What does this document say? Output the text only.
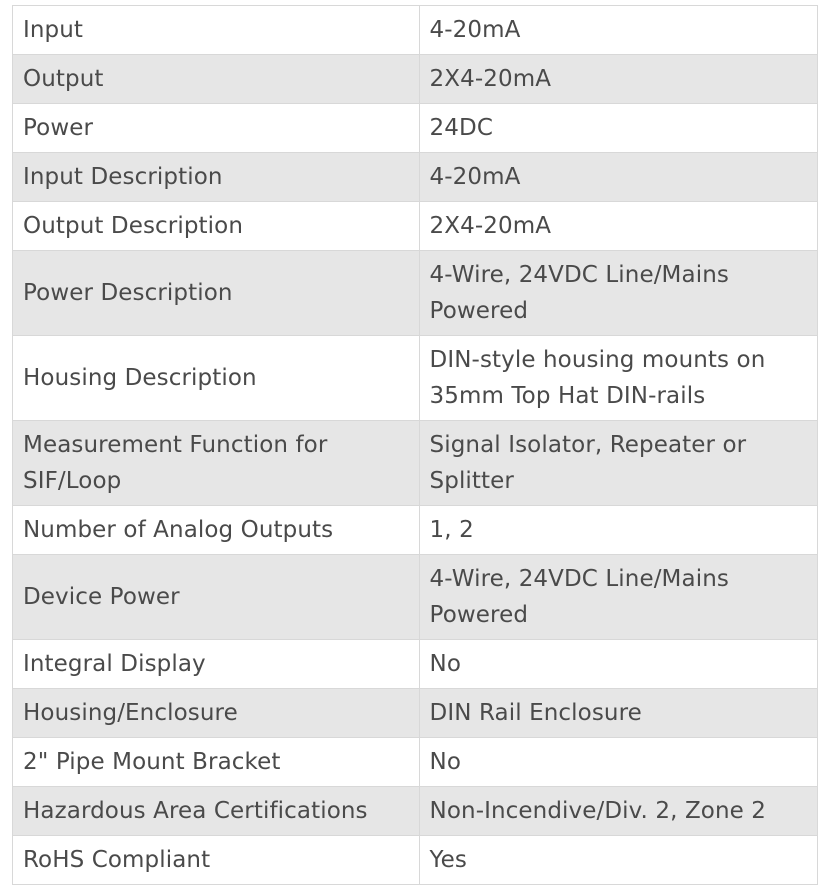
Input	4-20mA
Output	2X4-20mA
Power	24DC
Input Description	4-20mA
Output Description	2X4-20mA
Power Description	4-Wire, 24VDC Line/Mains Powered
Housing Description	DIN-style housing mounts on 35mm Top Hat DIN-rails
Measurement Function for SIF/Loop	Signal Isolator, Repeater or Splitter
Number of Analog Outputs	1, 2
Device Power	4-Wire, 24VDC Line/Mains Powered
Integral Display	No
Housing/Enclosure	DIN Rail Enclosure
2" Pipe Mount Bracket	No
Hazardous Area Certifications	Non-Incendive/Div. 2, Zone 2
RoHS Compliant	Yes
